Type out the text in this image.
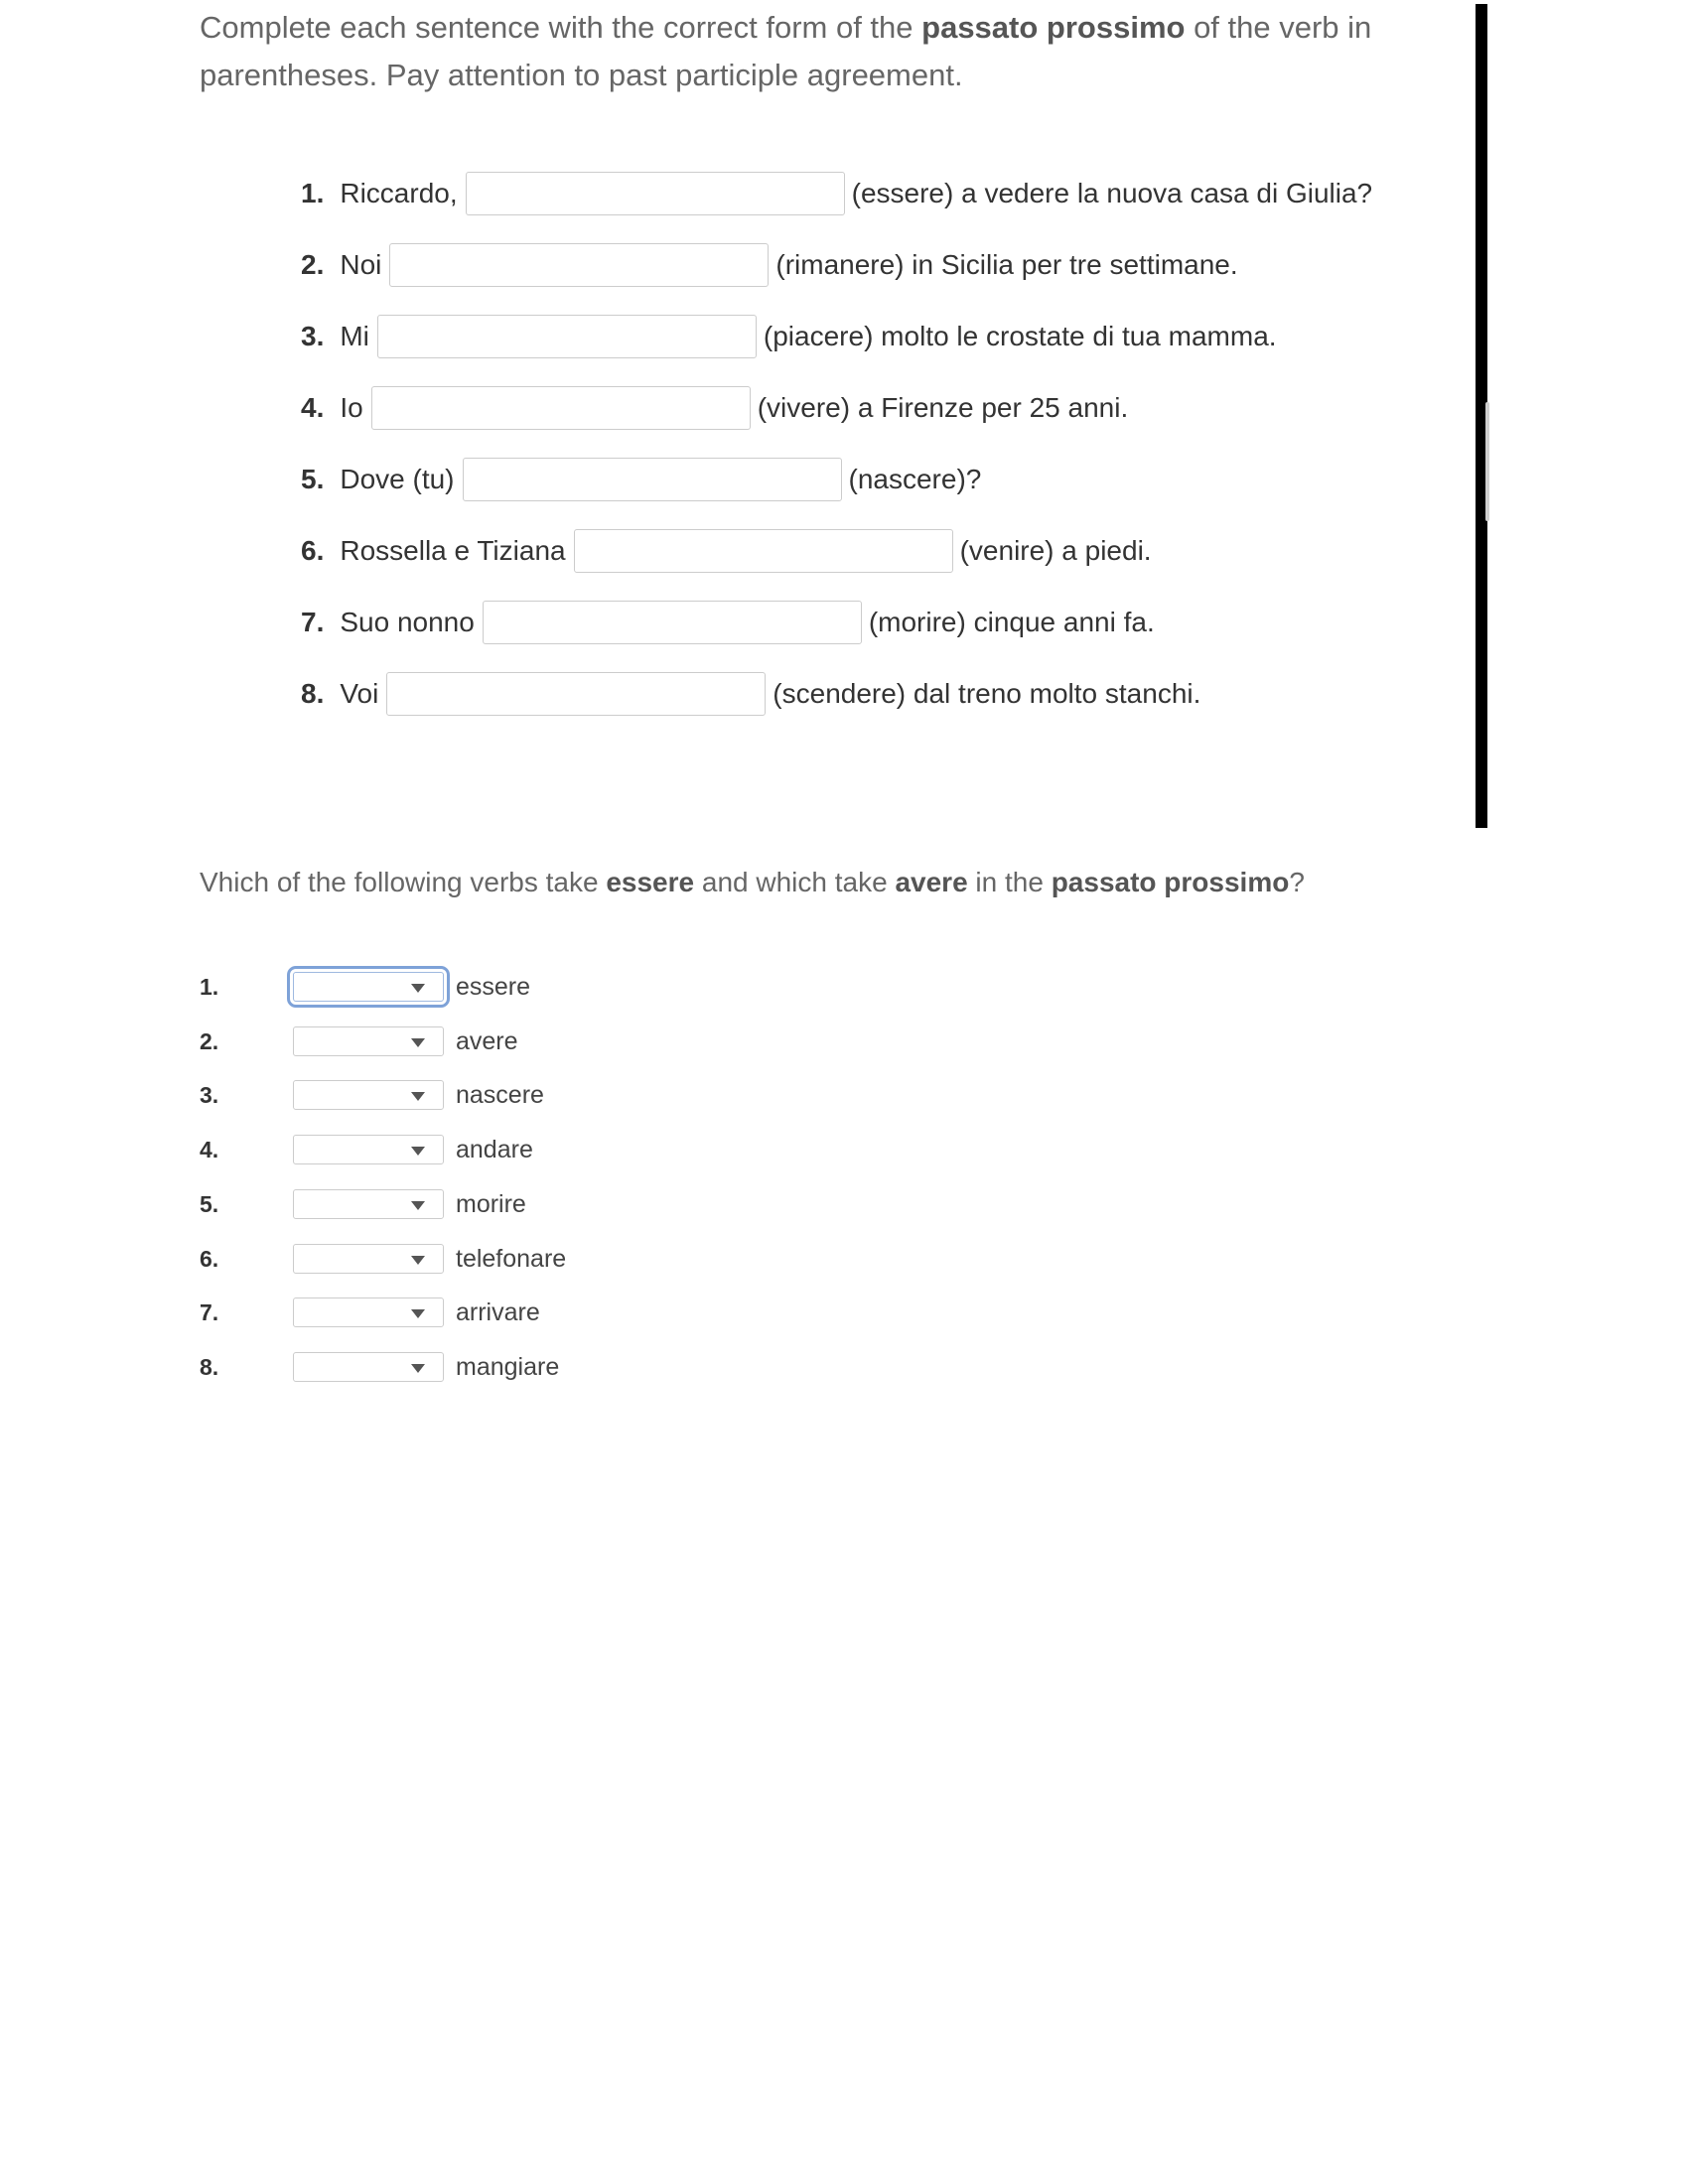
Complete each sentence with the correct form of the passato prossimo of the verb in parentheses. Pay attention to past participle agreement.
1. Riccardo,	(essere) a vedere la nuova casa di Giulia?
2. Noi	(rimanere) in Sicilia per tre settimane.
3. Mi	(piacere) molto le crostate di tua mamma.
4. Io	(vivere) a Firenze per 25 anni.
5. Dove (tu)	(nascere)?
6. Rossella e Tiziana	(venire) a piedi.
7. Suo nonno	(morire) cinque anni fa.
8. Voi	(scendere) dal treno molto stanchi.
Vhich of the following verbs take essere and which take avere in the passato prossimo?
1.	essere
2.	avere
3.	nascere
4.	andare
5.	morire
6.	telefonare
7.	arrivare
8.	mangiare
